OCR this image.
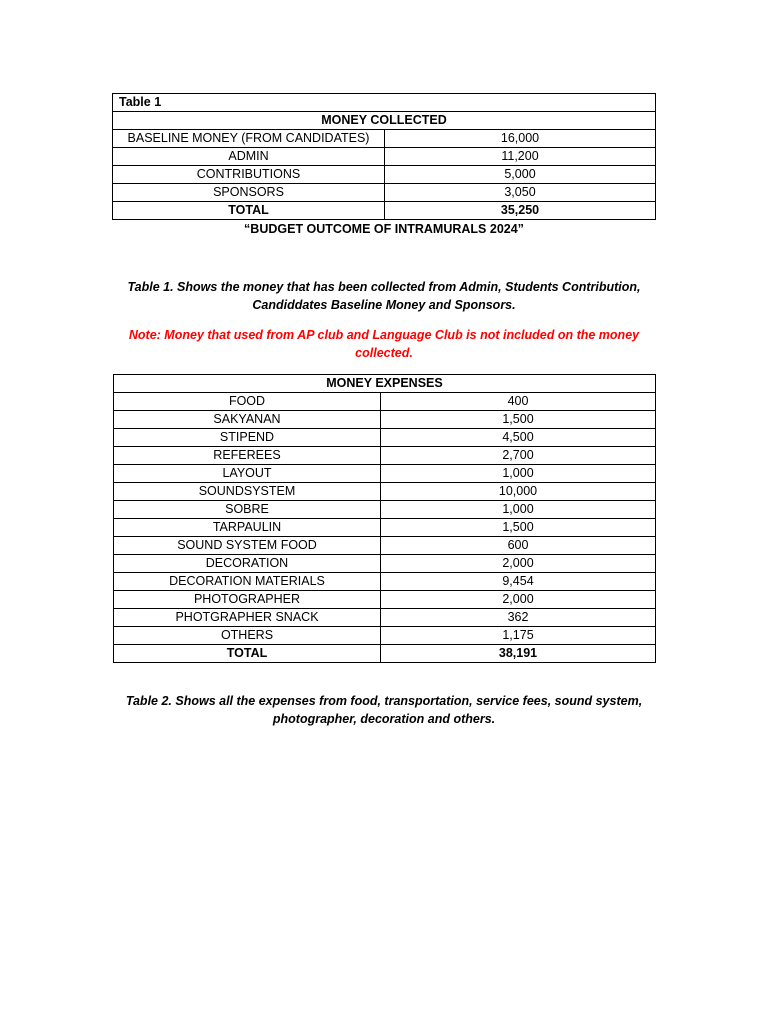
Table 1	
MONEY COLLECTED	
BASELINE MONEY (FROM CANDIDATES)	16,000
ADMIN	11,200
CONTRIBUTIONS	5,000
SPONSORS	3,050
TOTAL	35,250
“BUDGET OUTCOME OF INTRAMURALS 2024”
Table 1. Shows the money that has been collected from Admin, Students Contribution, Candiddates Baseline Money and Sponsors.
Note: Money that used from AP club and Language Club is not included on the money collected.
MONEY EXPENSES	
FOOD	400
SAKYANAN	1,500
STIPEND	4,500
REFEREES	2,700
LAYOUT	1,000
SOUNDSYSTEM	10,000
SOBRE	1,000
TARPAULIN	1,500
SOUND SYSTEM FOOD	600
DECORATION	2,000
DECORATION MATERIALS	9,454
PHOTOGRAPHER	2,000
PHOTGRAPHER SNACK	362
OTHERS	1,175
TOTAL	38,191
Table 2. Shows all the expenses from food, transportation, service fees, sound system, photographer, decoration and others.
